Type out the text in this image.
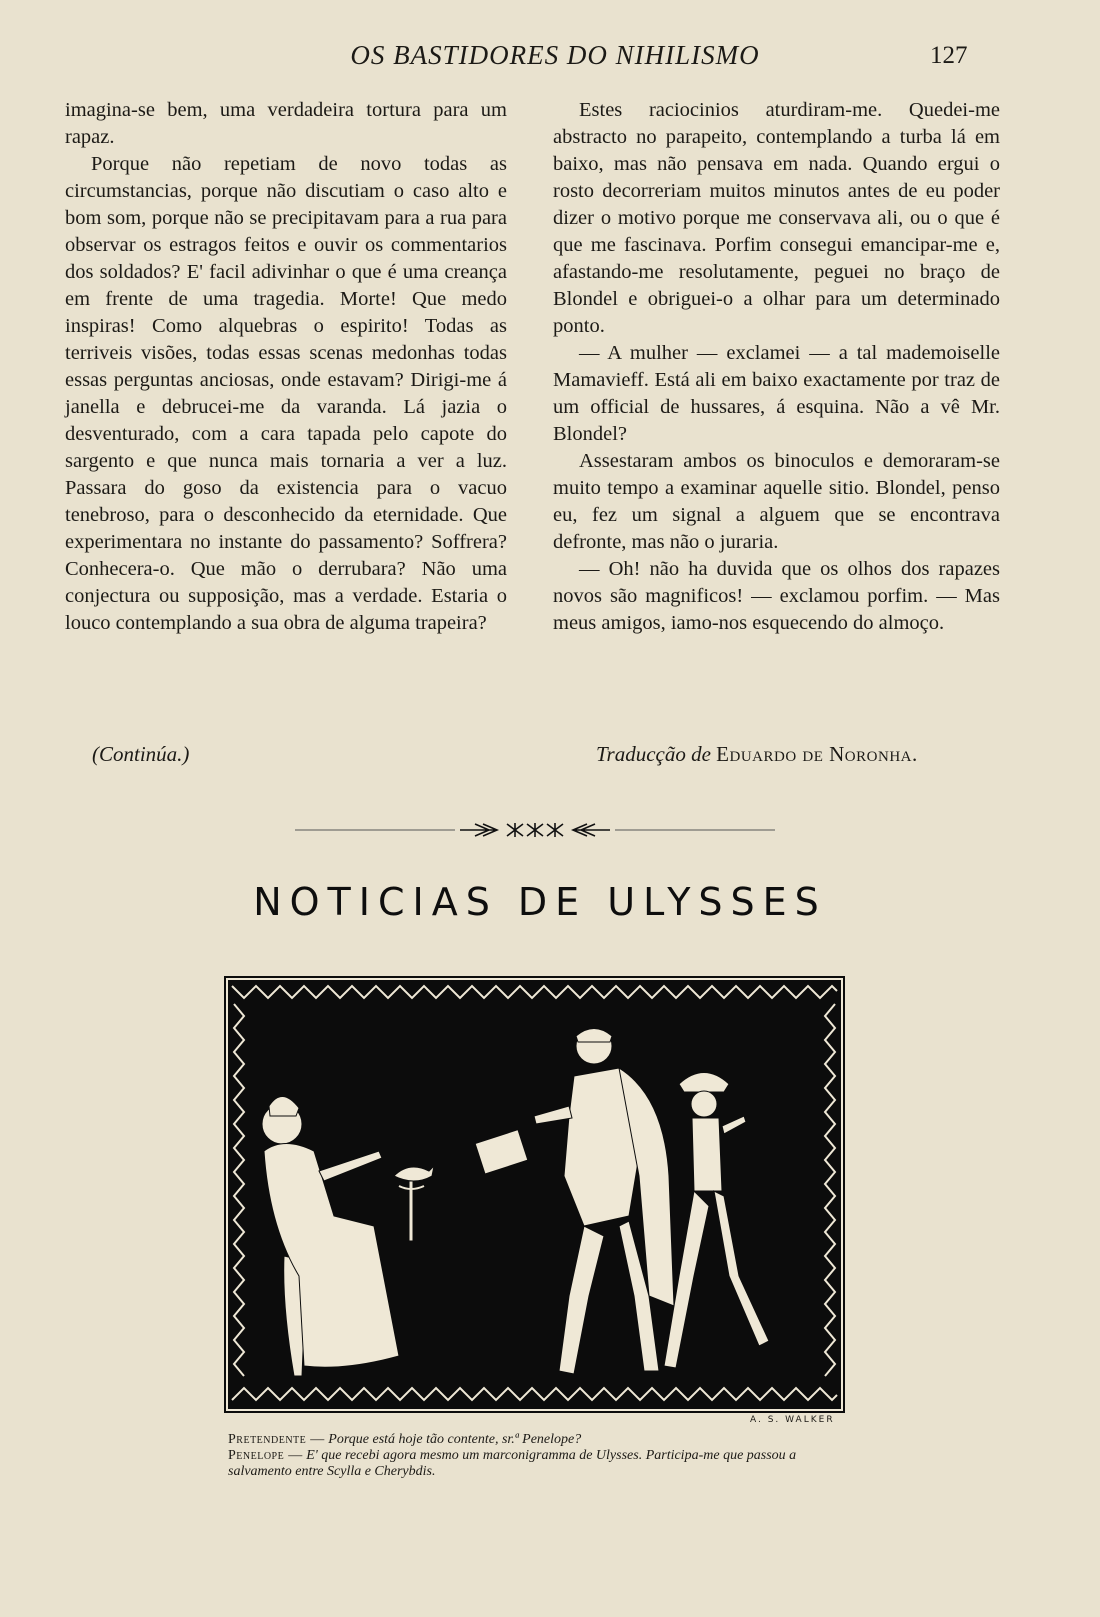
OS BASTIDORES DO NIHILISMO	127

imagina-se bem, uma verdadeira tortura para um rapaz.

Porque não repetiam de novo todas as circumstancias, porque não discutiam o caso alto e bom som, porque não se precipitavam para a rua para observar os estragos feitos e ouvir os commentarios dos soldados? E' facil adivinhar o que é uma creança em frente de uma tragedia. Morte! Que medo inspiras! Como alquebras o espirito! Todas as terriveis visões, todas essas scenas medonhas todas essas perguntas anciosas, onde estavam? Dirigi-me á janella e debrucei-me da varanda. Lá jazia o desventurado, com a cara tapada pelo capote do sargento e que nunca mais tornaria a ver a luz. Passara do goso da existencia para o vacuo tenebroso, para o desconhecido da eternidade. Que experimentara no instante do passamento? Soffrera? Conhecera-o. Que mão o derrubara? Não uma conjectura ou supposição, mas a verdade. Estaria o louco contemplando a sua obra de alguma trapeira?

Estes raciocinios aturdiram-me. Quedei-me abstracto no parapeito, contemplando a turba lá em baixo, mas não pensava em nada. Quando ergui o rosto decorreriam muitos minutos antes de eu poder dizer o motivo porque me conservava ali, ou o que é que me fascinava. Porfim consegui emancipar-me e, afastando-me resolutamente, peguei no braço de Blondel e obriguei-o a olhar para um determinado ponto.

— A mulher — exclamei — a tal mademoiselle Mamavieff. Está ali em baixo exactamente por traz de um official de hussares, á esquina. Não a vê Mr. Blondel?

Assestaram ambos os binoculos e demoraram-se muito tempo a examinar aquelle sitio. Blondel, penso eu, fez um signal a alguem que se encontrava defronte, mas não o juraria.

— Oh! não ha duvida que os olhos dos rapazes novos são magnificos! — exclamou porfim. — Mas meus amigos, iamo-nos esquecendo do almoço.

(Continúa.)	Traducção de Eduardo de Noronha.
NOTICIAS DE ULYSSES
A. S. WALKER
Pretendente — Porque está hoje tão contente, sr.ª Penelope?
Penelope — E' que recebi agora mesmo um marconigramma de Ulysses. Participa-me que passou a salvamento entre Scylla e Cherybdis.
